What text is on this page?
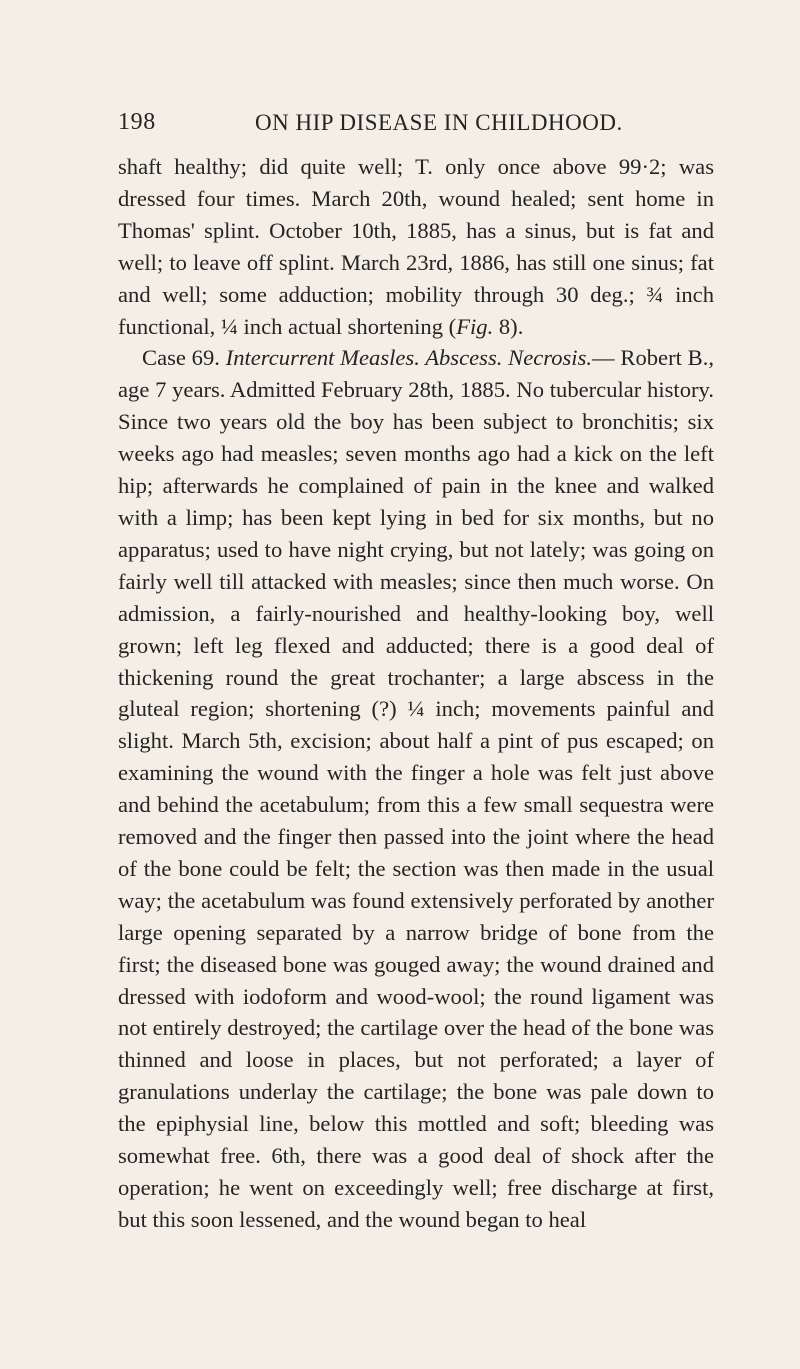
198	ON HIP DISEASE IN CHILDHOOD.

shaft healthy; did quite well; T. only once above 99·2; was dressed four times. March 20th, wound healed; sent home in Thomas' splint. October 10th, 1885, has a sinus, but is fat and well; to leave off splint. March 23rd, 1886, has still one sinus; fat and well; some adduction; mobility through 30 deg.; ¾ inch functional, ¼ inch actual shortening (Fig. 8).

Case 69. Intercurrent Measles. Abscess. Necrosis.— Robert B., age 7 years. Admitted February 28th, 1885. No tubercular history. Since two years old the boy has been subject to bronchitis; six weeks ago had measles; seven months ago had a kick on the left hip; afterwards he complained of pain in the knee and walked with a limp; has been kept lying in bed for six months, but no apparatus; used to have night crying, but not lately; was going on fairly well till attacked with measles; since then much worse. On admission, a fairly-nourished and healthy-looking boy, well grown; left leg flexed and adducted; there is a good deal of thickening round the great trochanter; a large abscess in the gluteal region; shortening (?) ¼ inch; movements painful and slight. March 5th, excision; about half a pint of pus escaped; on examining the wound with the finger a hole was felt just above and behind the acetabulum; from this a few small sequestra were removed and the finger then passed into the joint where the head of the bone could be felt; the section was then made in the usual way; the acetabulum was found extensively perforated by another large opening separated by a narrow bridge of bone from the first; the diseased bone was gouged away; the wound drained and dressed with iodoform and wood-wool; the round ligament was not entirely destroyed; the cartilage over the head of the bone was thinned and loose in places, but not perforated; a layer of granulations underlay the cartilage; the bone was pale down to the epiphysial line, below this mottled and soft; bleeding was somewhat free. 6th, there was a good deal of shock after the operation; he went on exceedingly well; free discharge at first, but this soon lessened, and the wound began to heal
